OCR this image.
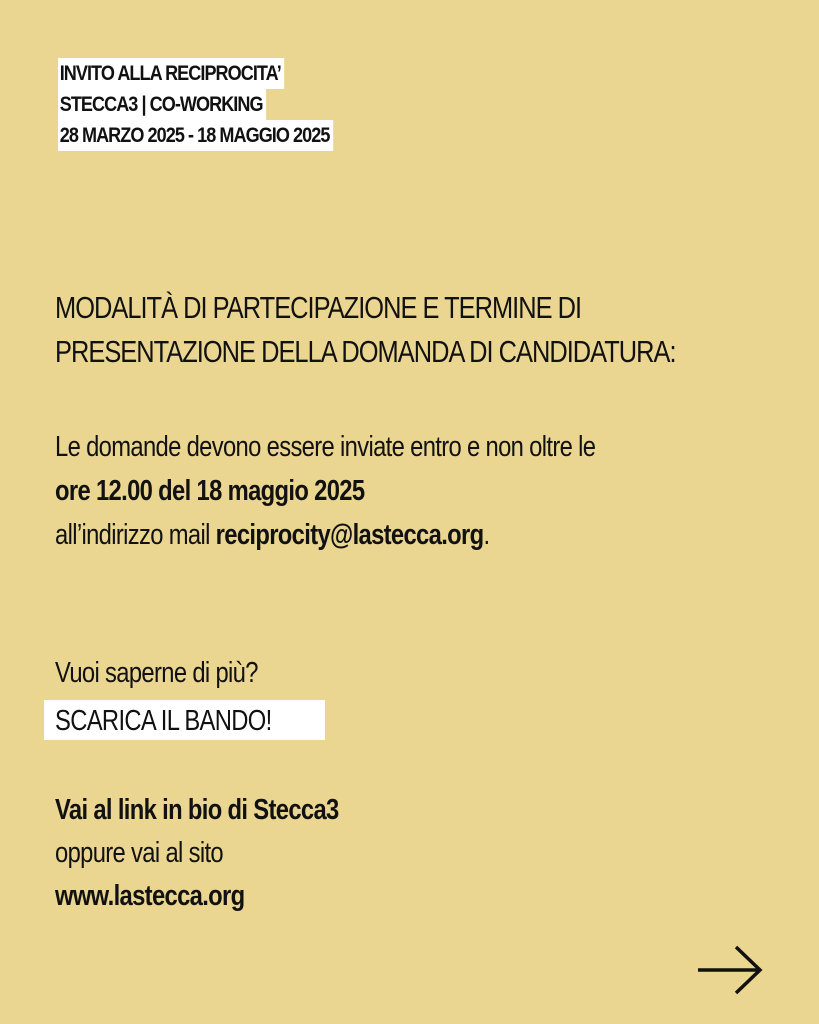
INVITO ALLA RECIPROCITA’
STECCA3 | CO-WORKING
28 MARZO 2025 - 18 MAGGIO 2025
MODALITÀ DI PARTECIPAZIONE E TERMINE DI
PRESENTAZIONE DELLA DOMANDA DI CANDIDATURA:
Le domande devono essere inviate entro e non oltre le
ore 12.00 del 18 maggio 2025
all’indirizzo mail reciprocity@lastecca.org.
Vuoi saperne di più?
SCARICA IL BANDO!
Vai al link in bio di Stecca3
oppure vai al sito
www.lastecca.org
